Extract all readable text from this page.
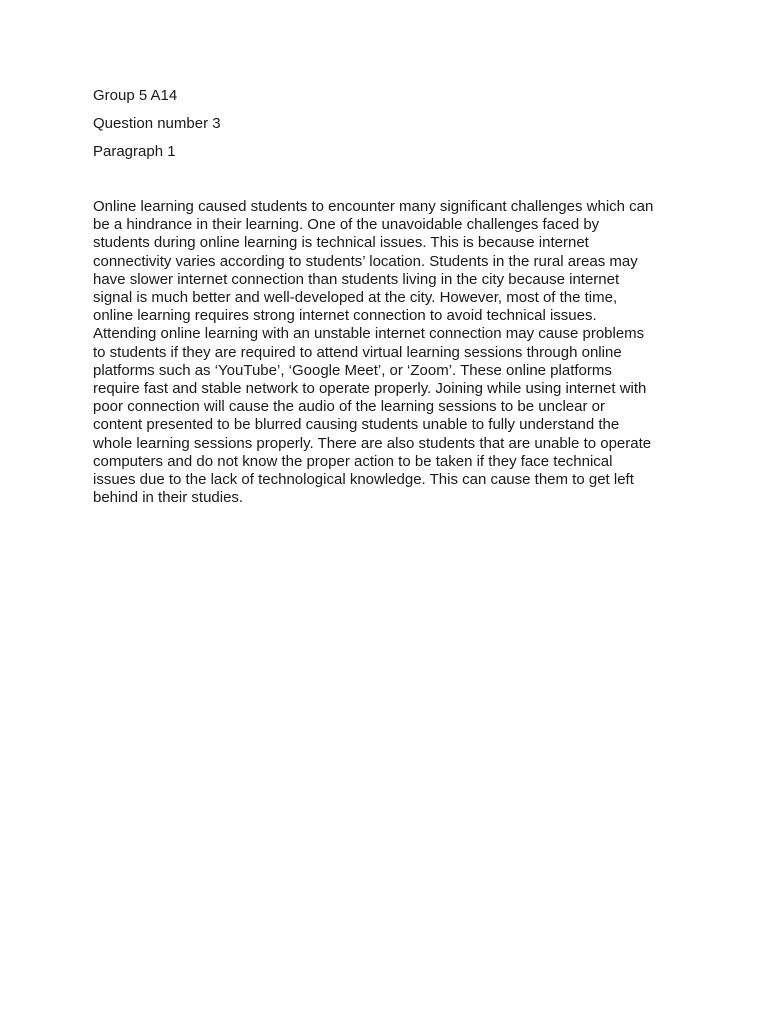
Group 5 A14
Question number 3
Paragraph 1
Online learning caused students to encounter many significant challenges which can
be a hindrance in their learning. One of the unavoidable challenges faced by
students during online learning is technical issues. This is because internet
connectivity varies according to students’ location. Students in the rural areas may
have slower internet connection than students living in the city because internet
signal is much better and well-developed at the city. However, most of the time,
online learning requires strong internet connection to avoid technical issues.
Attending online learning with an unstable internet connection may cause problems
to students if they are required to attend virtual learning sessions through online
platforms such as ‘YouTube’, ‘Google Meet’, or ‘Zoom’. These online platforms
require fast and stable network to operate properly. Joining while using internet with
poor connection will cause the audio of the learning sessions to be unclear or
content presented to be blurred causing students unable to fully understand the
whole learning sessions properly. There are also students that are unable to operate
computers and do not know the proper action to be taken if they face technical
issues due to the lack of technological knowledge. This can cause them to get left
behind in their studies.
